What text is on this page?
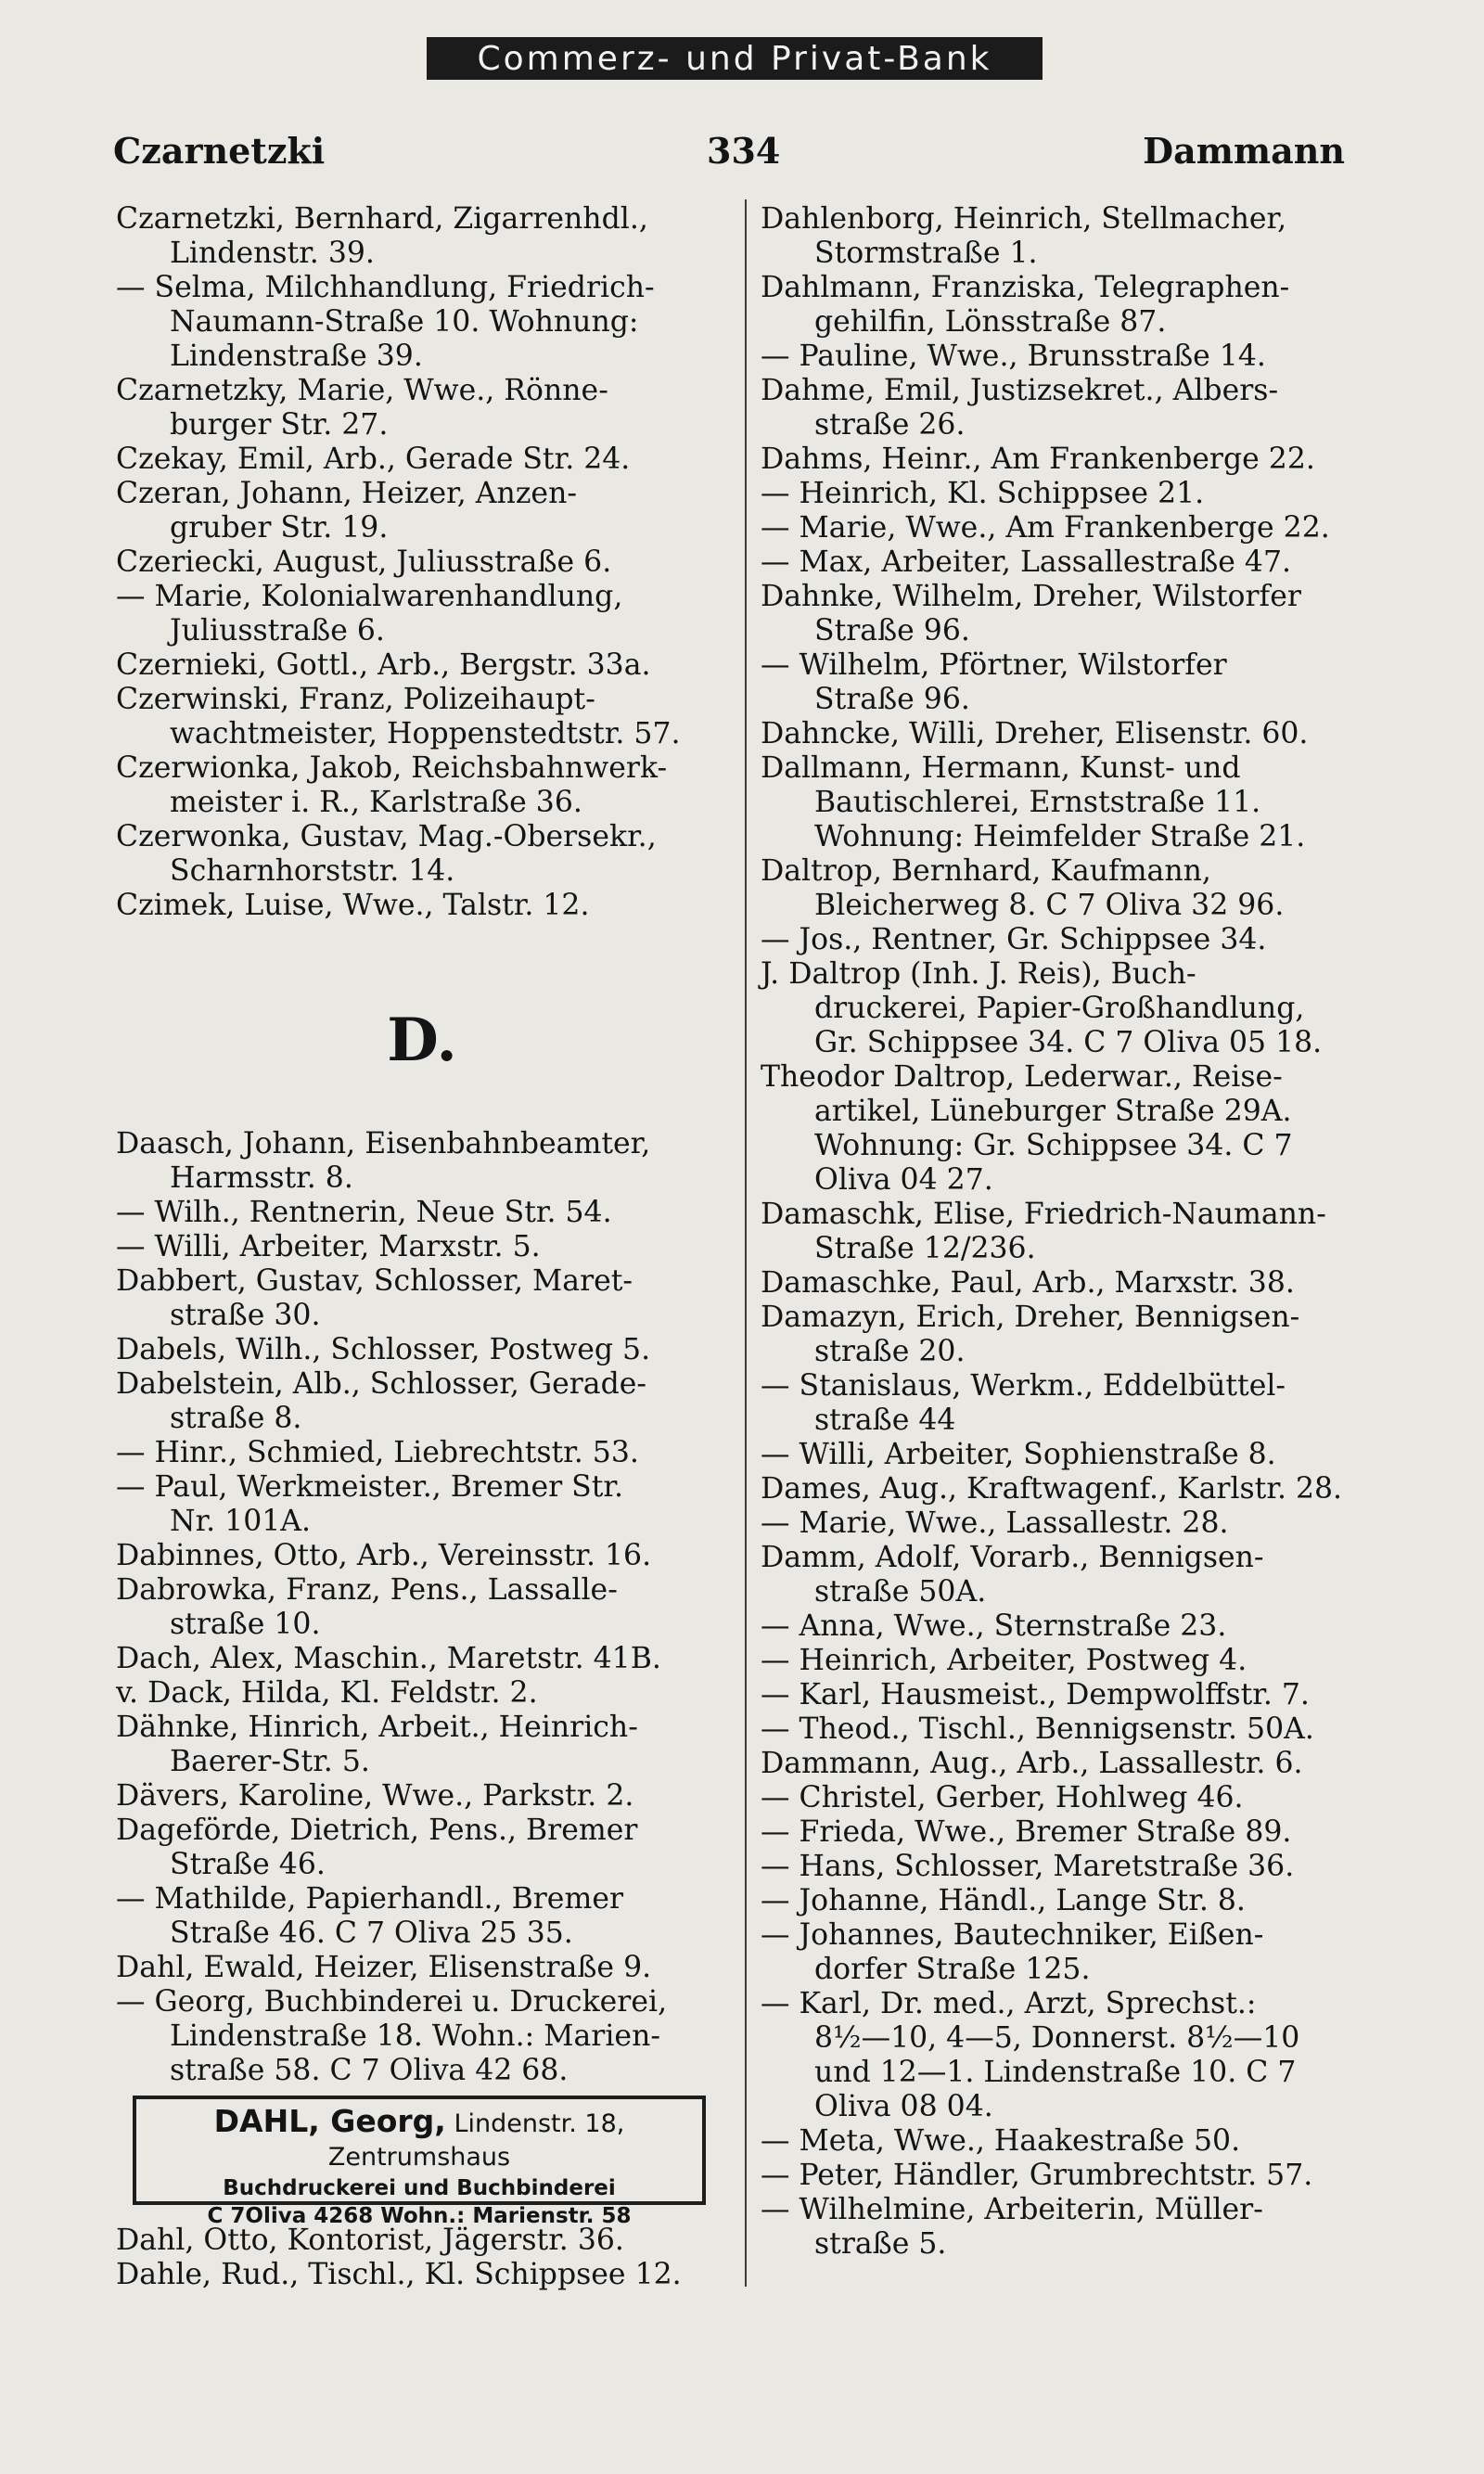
Commerz- und Privat-Bank
Czarnetzki	334	Dammann
Czarnetzki, Bernhard, Zigarrenhdl.,
Lindenstr. 39.
— Selma, Milchhandlung, Friedrich-
Naumann-Straße 10. Wohnung:
Lindenstraße 39.
Czarnetzky, Marie, Wwe., Rönne-
burger Str. 27.
Czekay, Emil, Arb., Gerade Str. 24.
Czeran, Johann, Heizer, Anzen-
gruber Str. 19.
Czeriecki, August, Juliusstraße 6.
— Marie, Kolonialwarenhandlung,
Juliusstraße 6.
Czernieki, Gottl., Arb., Bergstr. 33a.
Czerwinski, Franz, Polizeihaupt-
wachtmeister, Hoppenstedtstr. 57.
Czerwionka, Jakob, Reichsbahnwerk-
meister i. R., Karlstraße 36.
Czerwonka, Gustav, Mag.-Obersekr.,
Scharnhorststr. 14.
Czimek, Luise, Wwe., Talstr. 12.
D.
Daasch, Johann, Eisenbahnbeamter,
Harmsstr. 8.
— Wilh., Rentnerin, Neue Str. 54.
— Willi, Arbeiter, Marxstr. 5.
Dabbert, Gustav, Schlosser, Maret-
straße 30.
Dabels, Wilh., Schlosser, Postweg 5.
Dabelstein, Alb., Schlosser, Gerade-
straße 8.
— Hinr., Schmied, Liebrechtstr. 53.
— Paul, Werkmeister., Bremer Str.
Nr. 101A.
Dabinnes, Otto, Arb., Vereinsstr. 16.
Dabrowka, Franz, Pens., Lassalle-
straße 10.
Dach, Alex, Maschin., Maretstr. 41B.
v. Dack, Hilda, Kl. Feldstr. 2.
Dähnke, Hinrich, Arbeit., Heinrich-
Baerer-Str. 5.
Dävers, Karoline, Wwe., Parkstr. 2.
Dageförde, Dietrich, Pens., Bremer
Straße 46.
— Mathilde, Papierhandl., Bremer
Straße 46. C 7 Oliva 25 35.
Dahl, Ewald, Heizer, Elisenstraße 9.
— Georg, Buchbinderei u. Druckerei,
Lindenstraße 18. Wohn.: Marien-
straße 58. C 7 Oliva 42 68.
DAHL, Georg, Lindenstr. 18, Zentrumshaus
Buchdruckerei und Buchbinderei
C 7Oliva 4268 Wohn.: Marienstr. 58
Dahl, Otto, Kontorist, Jägerstr. 36.
Dahle, Rud., Tischl., Kl. Schippsee 12.
Dahlenborg, Heinrich, Stellmacher,
Stormstraße 1.
Dahlmann, Franziska, Telegraphen-
gehilfin, Lönsstraße 87.
— Pauline, Wwe., Brunsstraße 14.
Dahme, Emil, Justizsekret., Albers-
straße 26.
Dahms, Heinr., Am Frankenberge 22.
— Heinrich, Kl. Schippsee 21.
— Marie, Wwe., Am Frankenberge 22.
— Max, Arbeiter, Lassallestraße 47.
Dahnke, Wilhelm, Dreher, Wilstorfer
Straße 96.
— Wilhelm, Pförtner, Wilstorfer
Straße 96.
Dahncke, Willi, Dreher, Elisenstr. 60.
Dallmann, Hermann, Kunst- und
Bautischlerei, Ernststraße 11.
Wohnung: Heimfelder Straße 21.
Daltrop, Bernhard, Kaufmann,
Bleicherweg 8. C 7 Oliva 32 96.
— Jos., Rentner, Gr. Schippsee 34.
J. Daltrop (Inh. J. Reis), Buch-
druckerei, Papier-Großhandlung,
Gr. Schippsee 34. C 7 Oliva 05 18.
Theodor Daltrop, Lederwar., Reise-
artikel, Lüneburger Straße 29A.
Wohnung: Gr. Schippsee 34. C 7
Oliva 04 27.
Damaschk, Elise, Friedrich-Naumann-
Straße 12/236.
Damaschke, Paul, Arb., Marxstr. 38.
Damazyn, Erich, Dreher, Bennigsen-
straße 20.
— Stanislaus, Werkm., Eddelbüttel-
straße 44
— Willi, Arbeiter, Sophienstraße 8.
Dames, Aug., Kraftwagenf., Karlstr. 28.
— Marie, Wwe., Lassallestr. 28.
Damm, Adolf, Vorarb., Bennigsen-
straße 50A.
— Anna, Wwe., Sternstraße 23.
— Heinrich, Arbeiter, Postweg 4.
— Karl, Hausmeist., Dempwolffstr. 7.
— Theod., Tischl., Bennigsenstr. 50A.
Dammann, Aug., Arb., Lassallestr. 6.
— Christel, Gerber, Hohlweg 46.
— Frieda, Wwe., Bremer Straße 89.
— Hans, Schlosser, Maretstraße 36.
— Johanne, Händl., Lange Str. 8.
— Johannes, Bautechniker, Eißen-
dorfer Straße 125.
— Karl, Dr. med., Arzt, Sprechst.:
8½—10, 4—5, Donnerst. 8½—10
und 12—1. Lindenstraße 10. C 7
Oliva 08 04.
— Meta, Wwe., Haakestraße 50.
— Peter, Händler, Grumbrechtstr. 57.
— Wilhelmine, Arbeiterin, Müller-
straße 5.
